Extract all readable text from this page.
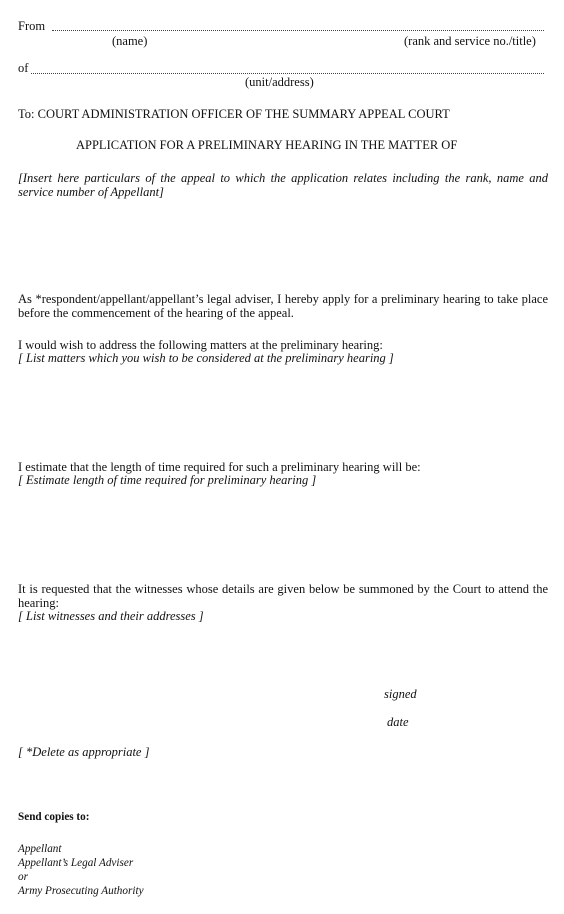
From
(name)	(rank and service no./title)
of
(unit/address)
To: COURT ADMINISTRATION OFFICER OF THE SUMMARY APPEAL COURT
APPLICATION FOR A PRELIMINARY HEARING IN THE MATTER OF
[Insert here particulars of the appeal to which the application relates including the rank, name and service number of Appellant]
As *respondent/appellant/appellant’s legal adviser, I hereby apply for a preliminary hearing to take place before the commencement of the hearing of the appeal.
I would wish to address the following matters at the preliminary hearing:
[ List matters which you wish to be considered at the preliminary hearing ]
I estimate that the length of time required for such a preliminary hearing will be:
[ Estimate length of time required for preliminary hearing ]
It is requested that the witnesses whose details are given below be summoned by the Court to attend the hearing:
[ List witnesses and their addresses ]
signed
date
[ *Delete as appropriate ]
Send copies to:
Appellant
Appellant’s Legal Adviser
or
Army Prosecuting Authority
